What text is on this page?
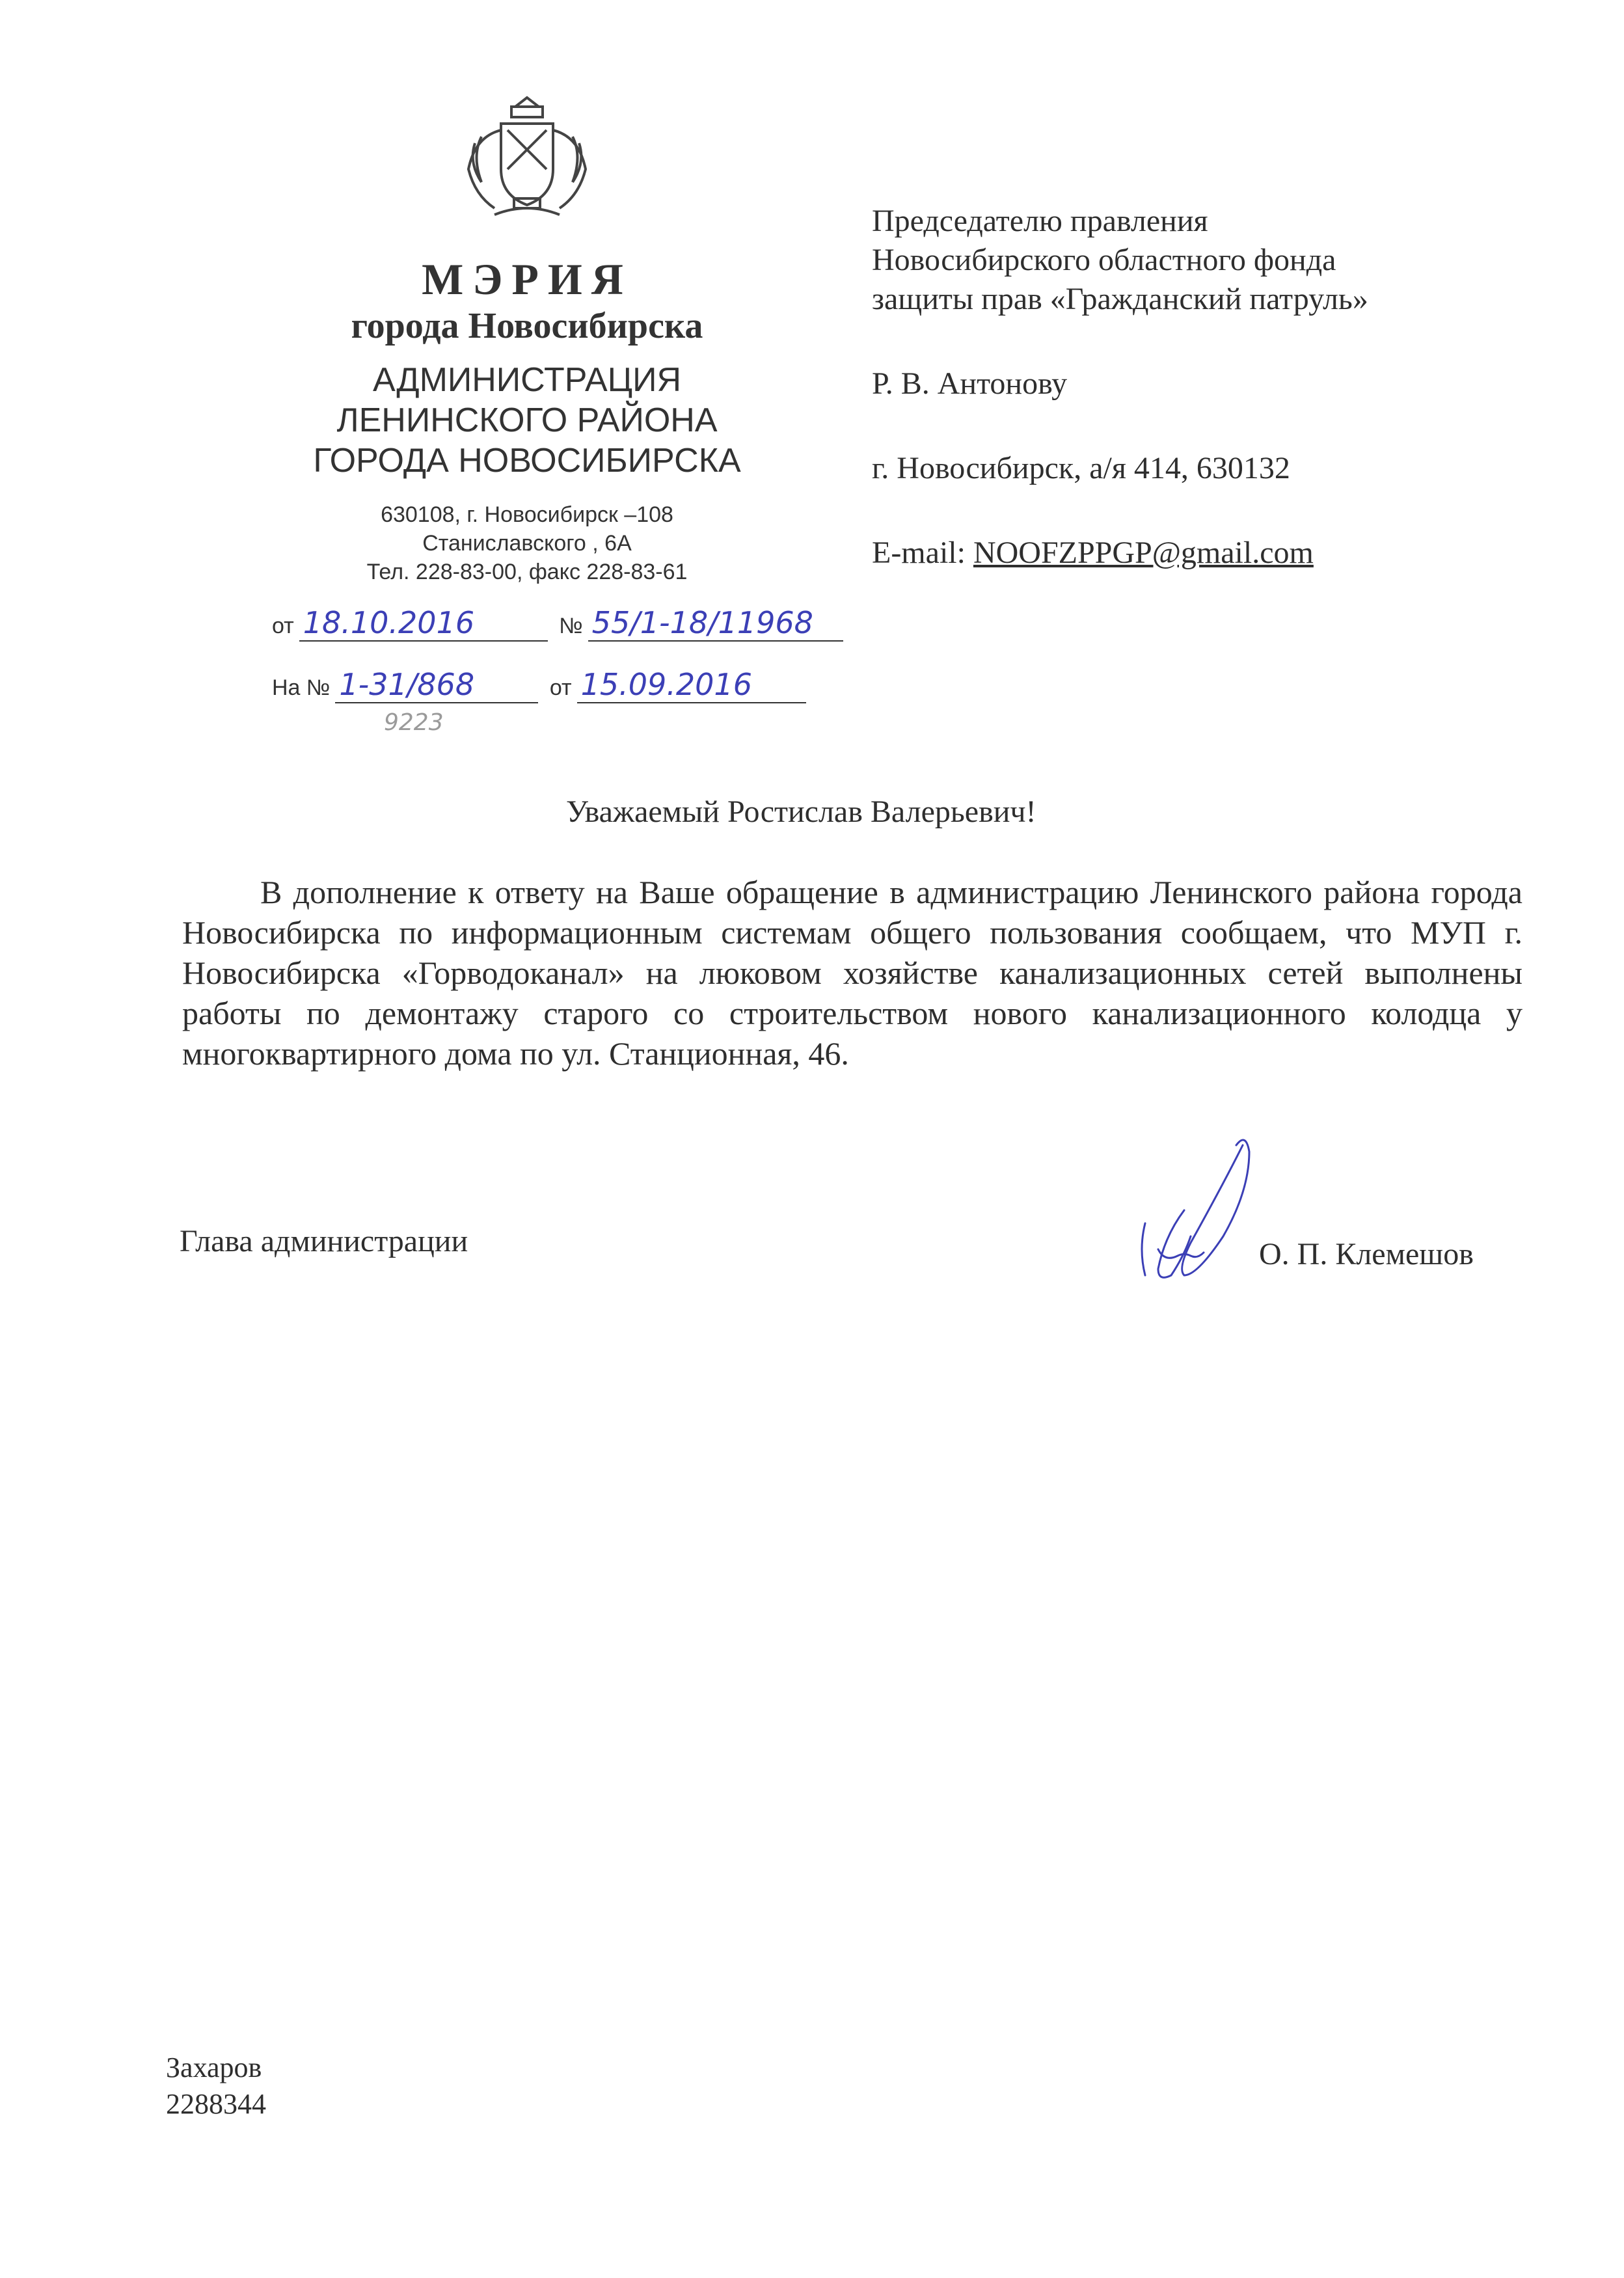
МЭРИЯ
города Новосибирска
АДМИНИСТРАЦИЯ
ЛЕНИНСКОГО РАЙОНА
ГОРОДА НОВОСИБИРСКА
630108, г. Новосибирск –108
Станиславского , 6А
Тел. 228-83-00, факс 228-83-61
от 18.10.2016	№ 55/1-18/11968
На № 1-31/868	от 15.09.2016
9223
Председателю правления
Новосибирского областного фонда
защиты прав «Гражданский патруль»
Р. В. Антонову
г. Новосибирск, а/я 414, 630132
E-mail: NOOFZPPGP@gmail.com
Уважаемый Ростислав Валерьевич!
В дополнение к ответу на Ваше обращение в администрацию Ленинского района города Новосибирска по информационным системам общего пользования сообщаем, что МУП г. Новосибирска «Горводоканал» на люковом хозяйстве канализационных сетей выполнены работы по демонтажу старого со строительством нового канализационного колодца у многоквартирного дома по ул. Станционная, 46.
Глава администрации	О. П. Клемешов
Захаров
2288344
